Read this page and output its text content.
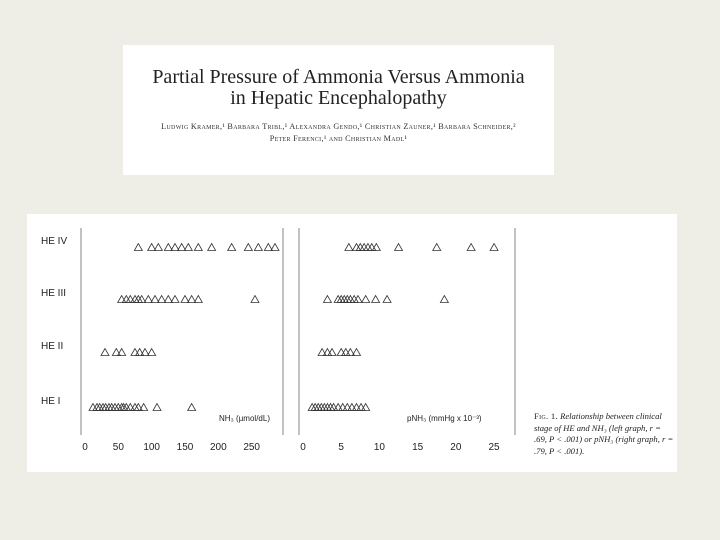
Partial Pressure of Ammonia Versus Ammonia
in Hepatic Encephalopathy
Ludwig Kramer,¹ Barbara Tribl,¹ Alexandra Gendo,¹ Christian Zauner,¹ Barbara Schneider,²
Peter Ferenci,¹ and Christian Madl¹
HE I
HE II
HE III
HE IV
0 50 100 150 200 250
NH₃ (µmol/dL)
0	5	10	15	20	25
pNH₃ (mmHg x 10⁻³)	Fig. 1. Relationship between clinical stage of HE and NH₃ (left graph, r = .69, P < .001) or pNH₃ (right graph, r = .79, P < .001).
